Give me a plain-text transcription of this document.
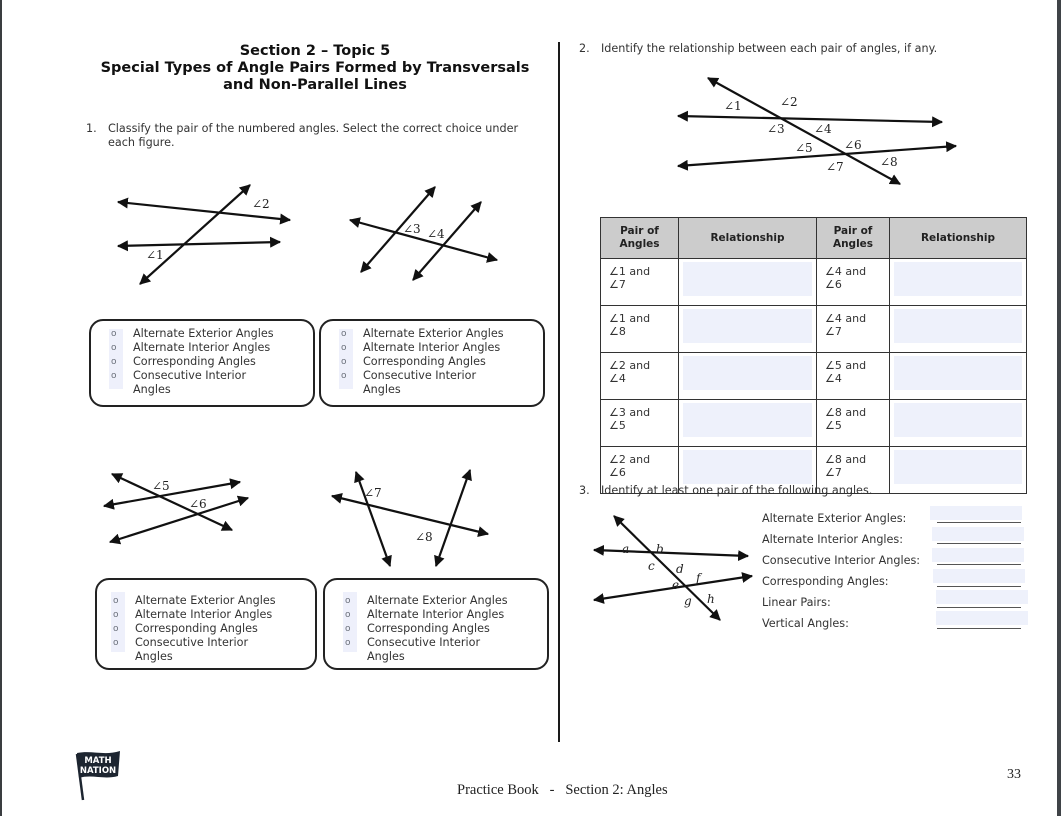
Section 2 – Topic 5
Special Types of Angle Pairs Formed by Transversals
and Non-Parallel Lines
1. Classify the pair of the numbered angles. Select the correct choice under
each figure.
∠2
∠1
∠3 ∠4
o Alternate Exterior Angles
o Alternate Interior Angles
o Corresponding Angles
o Consecutive Interior
Angles
o Alternate Exterior Angles
o Alternate Interior Angles
o Corresponding Angles
o Consecutive Interior
Angles
∠5
∠6
∠7
∠8
o Alternate Exterior Angles
o Alternate Interior Angles
o Corresponding Angles
o Consecutive Interior
Angles
o Alternate Exterior Angles
o Alternate Interior Angles
o Corresponding Angles
o Consecutive Interior
Angles
2. Identify the relationship between each pair of angles, if any.
∠1	∠2
∠3 ∠4
∠5	∠6
∠7	∠8
Pair of
Angles	Relationship	Pair of
Angles	Relationship
∠1 and
∠7		∠4 and
∠6	

∠1 and
∠8		∠4 and
∠7	

∠2 and
∠4		∠5 and
∠4	

∠3 and
∠5		∠8 and
∠5	

∠2 and
∠6		∠8 and
∠7	
3. Identify at least one pair of the following angles.
a b
c d
e f
g h
Alternate Exterior Angles:
Alternate Interior Angles:
Consecutive Interior Angles:
Corresponding Angles:
Linear Pairs:
Vertical Angles:
MATH
NATION
Practice Book   -   Section 2: Angles
33
